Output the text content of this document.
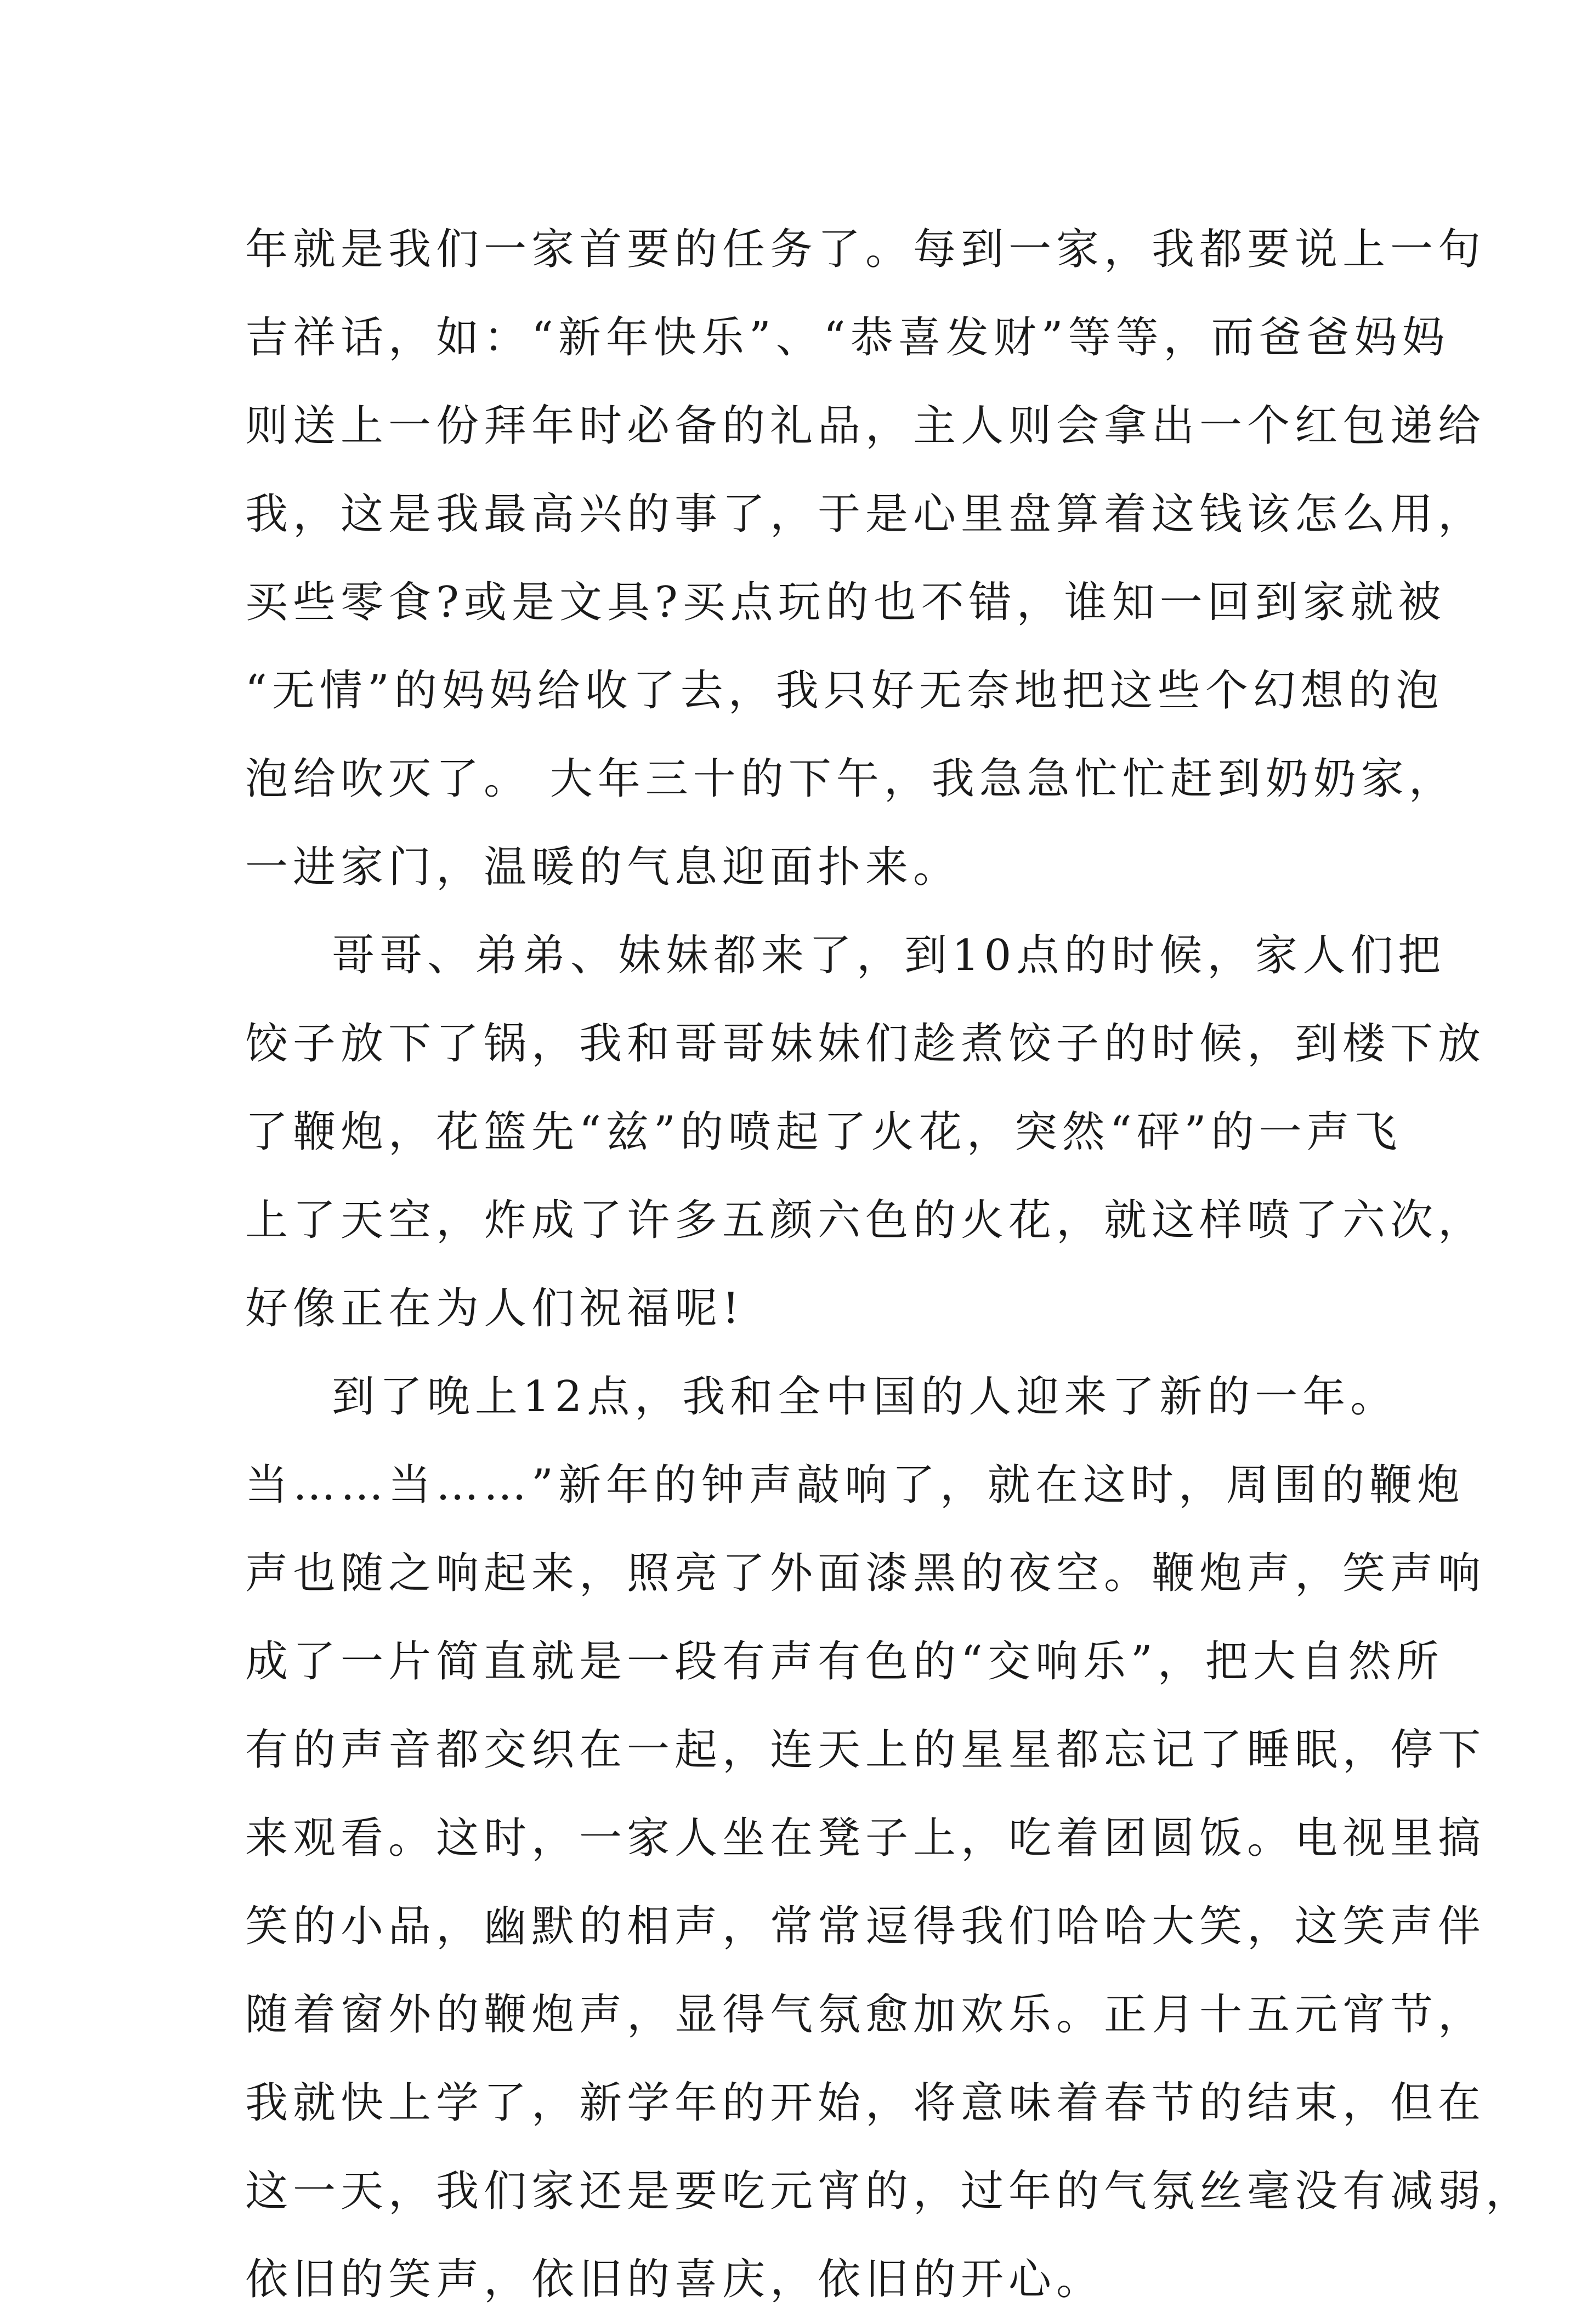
年就是我们一家首要的任务了。每到一家，我都要说上一句
吉祥话，如：“新年快乐”、“恭喜发财”等等，而爸爸妈妈
则送上一份拜年时必备的礼品，主人则会拿出一个红包递给
我，这是我最高兴的事了，于是心里盘算着这钱该怎么用，
买些零食?或是文具?买点玩的也不错，谁知一回到家就被
“无情”的妈妈给收了去，我只好无奈地把这些个幻想的泡
泡给吹灭了。 大年三十的下午，我急急忙忙赶到奶奶家，
一进家门，温暖的气息迎面扑来。
哥哥、弟弟、妹妹都来了，到10点的时候，家人们把
饺子放下了锅，我和哥哥妹妹们趁煮饺子的时候，到楼下放
了鞭炮，花篮先“兹”的喷起了火花，突然“砰”的一声飞
上了天空，炸成了许多五颜六色的火花，就这样喷了六次，
好像正在为人们祝福呢!
到了晚上12点，我和全中国的人迎来了新的一年。
当……当……”新年的钟声敲响了，就在这时，周围的鞭炮
声也随之响起来，照亮了外面漆黑的夜空。鞭炮声，笑声响
成了一片简直就是一段有声有色的“交响乐”，把大自然所
有的声音都交织在一起，连天上的星星都忘记了睡眠，停下
来观看。这时，一家人坐在凳子上，吃着团圆饭。电视里搞
笑的小品，幽默的相声，常常逗得我们哈哈大笑，这笑声伴
随着窗外的鞭炮声，显得气氛愈加欢乐。正月十五元宵节，
我就快上学了，新学年的开始，将意味着春节的结束，但在
这一天，我们家还是要吃元宵的，过年的气氛丝毫没有减弱，
依旧的笑声，依旧的喜庆，依旧的开心。
